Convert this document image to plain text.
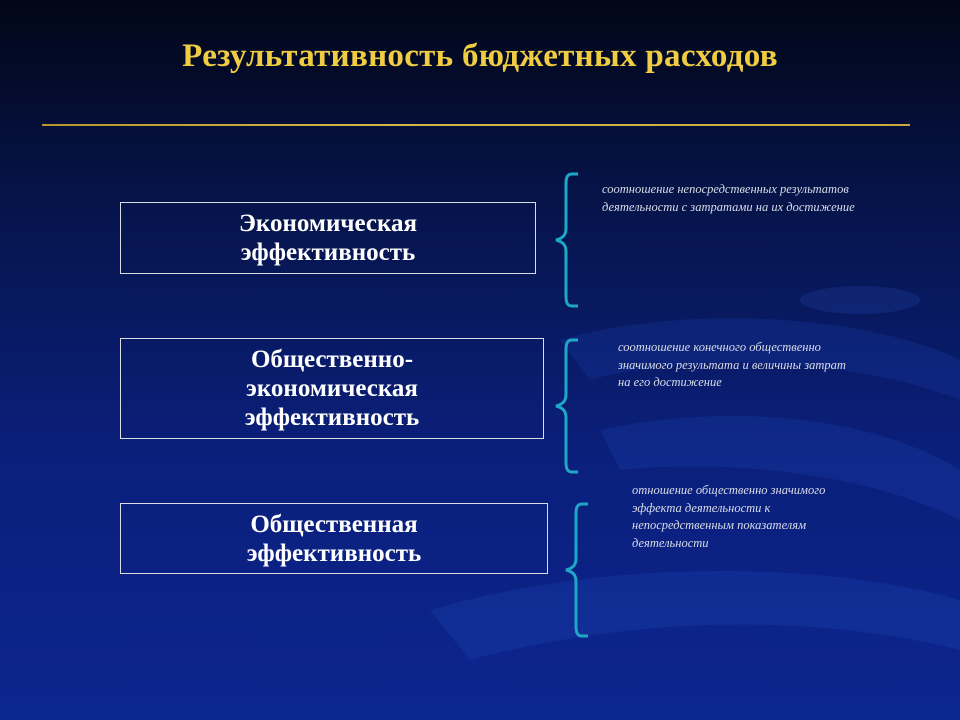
Результативность бюджетных расходов
Экономическая
эффективность
соотношение непосредственных результатов
деятельности с затратами на их достижение
Общественно-
экономическая
эффективность
соотношение конечного общественно
значимого результата и величины затрат
на его достижение
Общественная
эффективность
отношение общественно значимого
эффекта деятельности к
непосредственным показателям
деятельности
